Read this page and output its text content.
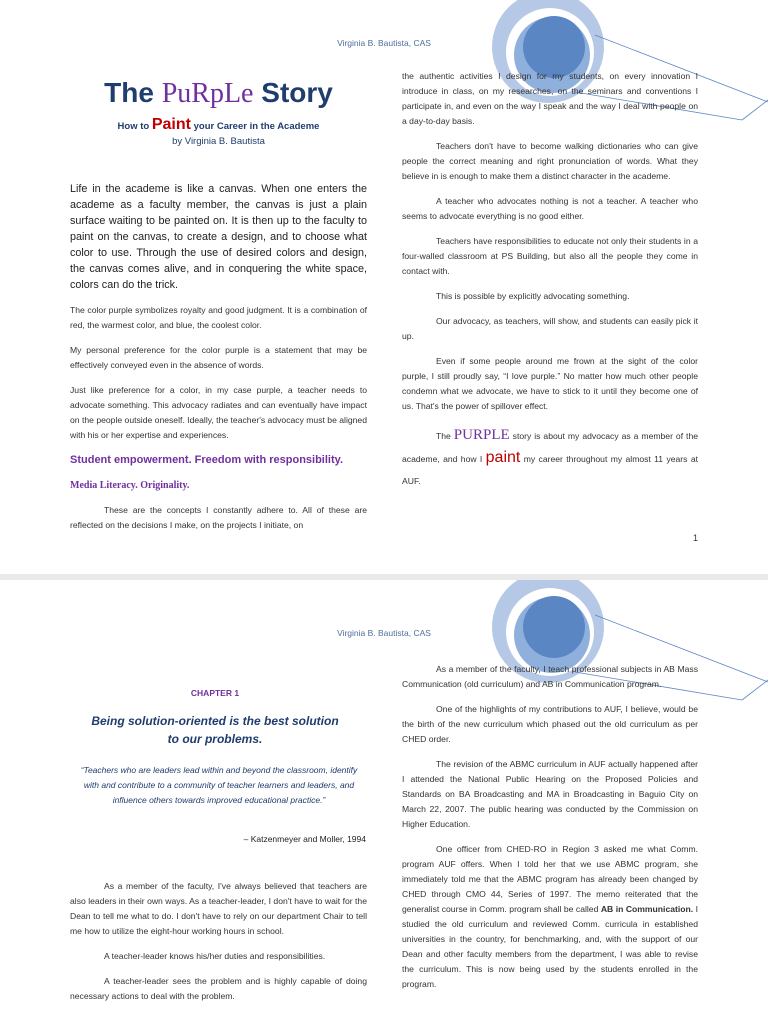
Virginia B. Bautista, CAS
The PuRpLe Story
How to Paint your Career in the Academe
by Virginia B. Bautista

Life in the academe is like a canvas. When one enters the academe as a faculty member, the canvas is just a plain surface waiting to be painted on. It is then up to the faculty to paint on the canvas, to create a design, and to choose what color to use. Through the use of desired colors and design, the canvas comes alive, and in conquering the white space, colors can do the trick.

The color purple symbolizes royalty and good judgment. It is a combination of red, the warmest color, and blue, the coolest color.

My personal preference for the color purple is a statement that may be effectively conveyed even in the absence of words.

Just like preference for a color, in my case purple, a teacher needs to advocate something. This advocacy radiates and can eventually have impact on the people outside oneself. Ideally, the teacher's advocacy must be aligned with his or her expertise and experiences.

Student empowerment. Freedom with responsibility.

Media Literacy. Originality.

These are the concepts I constantly adhere to. All of these are reflected on the decisions I make, on the projects I initiate, on

the authentic activities I design for my students, on every innovation I introduce in class, on my researches, on the seminars and conventions I participate in, and even on the way I speak and the way I deal with people on a day-to-day basis.

Teachers don't have to become walking dictionaries who can give people the correct meaning and right pronunciation of words. What they believe in is enough to make them a distinct character in the academe.

A teacher who advocates nothing is not a teacher. A teacher who seems to advocate everything is no good either.

Teachers have responsibilities to educate not only their students in a four-walled classroom at PS Building, but also all the people they come in contact with.

This is possible by explicitly advocating something.

Our advocacy, as teachers, will show, and students can easily pick it up.

Even if some people around me frown at the sight of the color purple, I still proudly say, “I love purple.” No matter how much other people condemn what we advocate, we have to stick to it until they become one of us. That's the power of spillover effect.

The PURPLE story is about my advocacy as a member of the academe, and how I paint my career throughout my almost 11 years at AUF.

1
Virginia B. Bautista, CAS
CHAPTER 1
Being solution-oriented is the best solution
to our problems.
“Teachers who are leaders lead within and beyond the classroom, identify with and contribute to a community of teacher learners and leaders, and influence others towards improved educational practice.”
– Katzenmeyer and Moller, 1994

As a member of the faculty, I've always believed that teachers are also leaders in their own ways. As a teacher-leader, I don't have to wait for the Dean to tell me what to do. I don't have to rely on our department Chair to tell me how to utilize the eight-hour working hours in school.

A teacher-leader knows his/her duties and responsibilities.

A teacher-leader sees the problem and is highly capable of doing necessary actions to deal with the problem.

As a member of the faculty, I teach professional subjects in AB Mass Communication (old curriculum) and AB in Communication program.

One of the highlights of my contributions to AUF, I believe, would be the birth of the new curriculum which phased out the old curriculum as per CHED order.

The revision of the ABMC curriculum in AUF actually happened after I attended the National Public Hearing on the Proposed Policies and Standards on BA Broadcasting and MA in Broadcasting in Baguio City on March 22, 2007. The public hearing was conducted by the Commission on Higher Education.

One officer from CHED-RO in Region 3 asked me what Comm. program AUF offers. When I told her that we use ABMC program, she immediately told me that the ABMC program has already been changed by CHED through CMO 44, Series of 1997. The memo reiterated that the generalist course in Comm. program shall be called AB in Communication. I studied the old curriculum and reviewed Comm. curricula in established universities in the country, for benchmarking, and, with the support of our Dean and other faculty members from the department, I was able to revise the curriculum. This is now being used by the students enrolled in the program.
